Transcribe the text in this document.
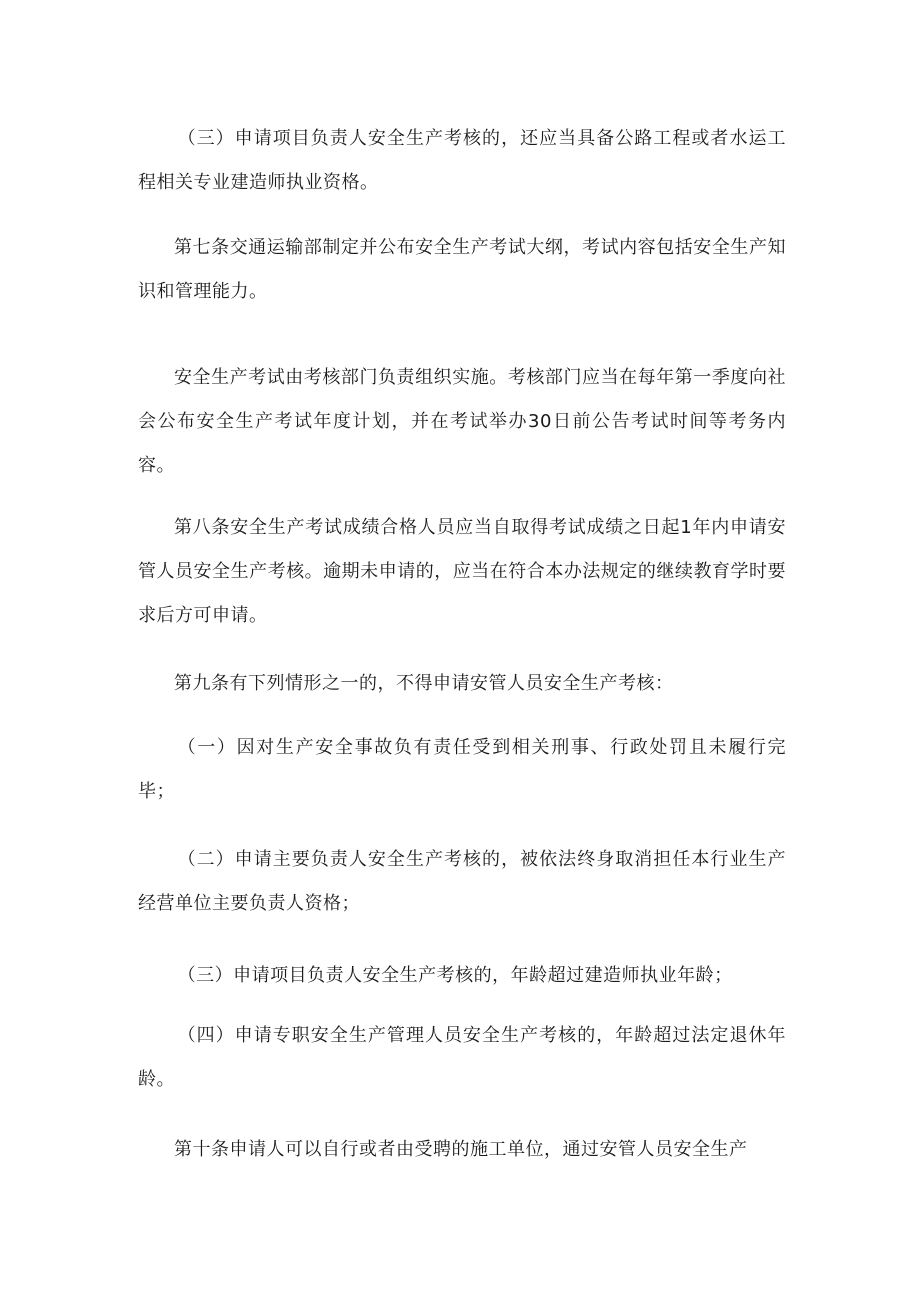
（三）申请项目负责人安全生产考核的，还应当具备公路工程或者水运工程相关专业建造师执业资格。

第七条交通运输部制定并公布安全生产考试大纲，考试内容包括安全生产知识和管理能力。

安全生产考试由考核部门负责组织实施。考核部门应当在每年第一季度向社会公布安全生产考试年度计划，并在考试举办30日前公告考试时间等考务内容。

第八条安全生产考试成绩合格人员应当自取得考试成绩之日起1年内申请安管人员安全生产考核。逾期未申请的，应当在符合本办法规定的继续教育学时要求后方可申请。

第九条有下列情形之一的，不得申请安管人员安全生产考核：

（一）因对生产安全事故负有责任受到相关刑事、行政处罚且未履行完毕；

（二）申请主要负责人安全生产考核的，被依法终身取消担任本行业生产经营单位主要负责人资格；

（三）申请项目负责人安全生产考核的，年龄超过建造师执业年龄；

（四）申请专职安全生产管理人员安全生产考核的，年龄超过法定退休年龄。

第十条申请人可以自行或者由受聘的施工单位，通过安管人员安全生产
